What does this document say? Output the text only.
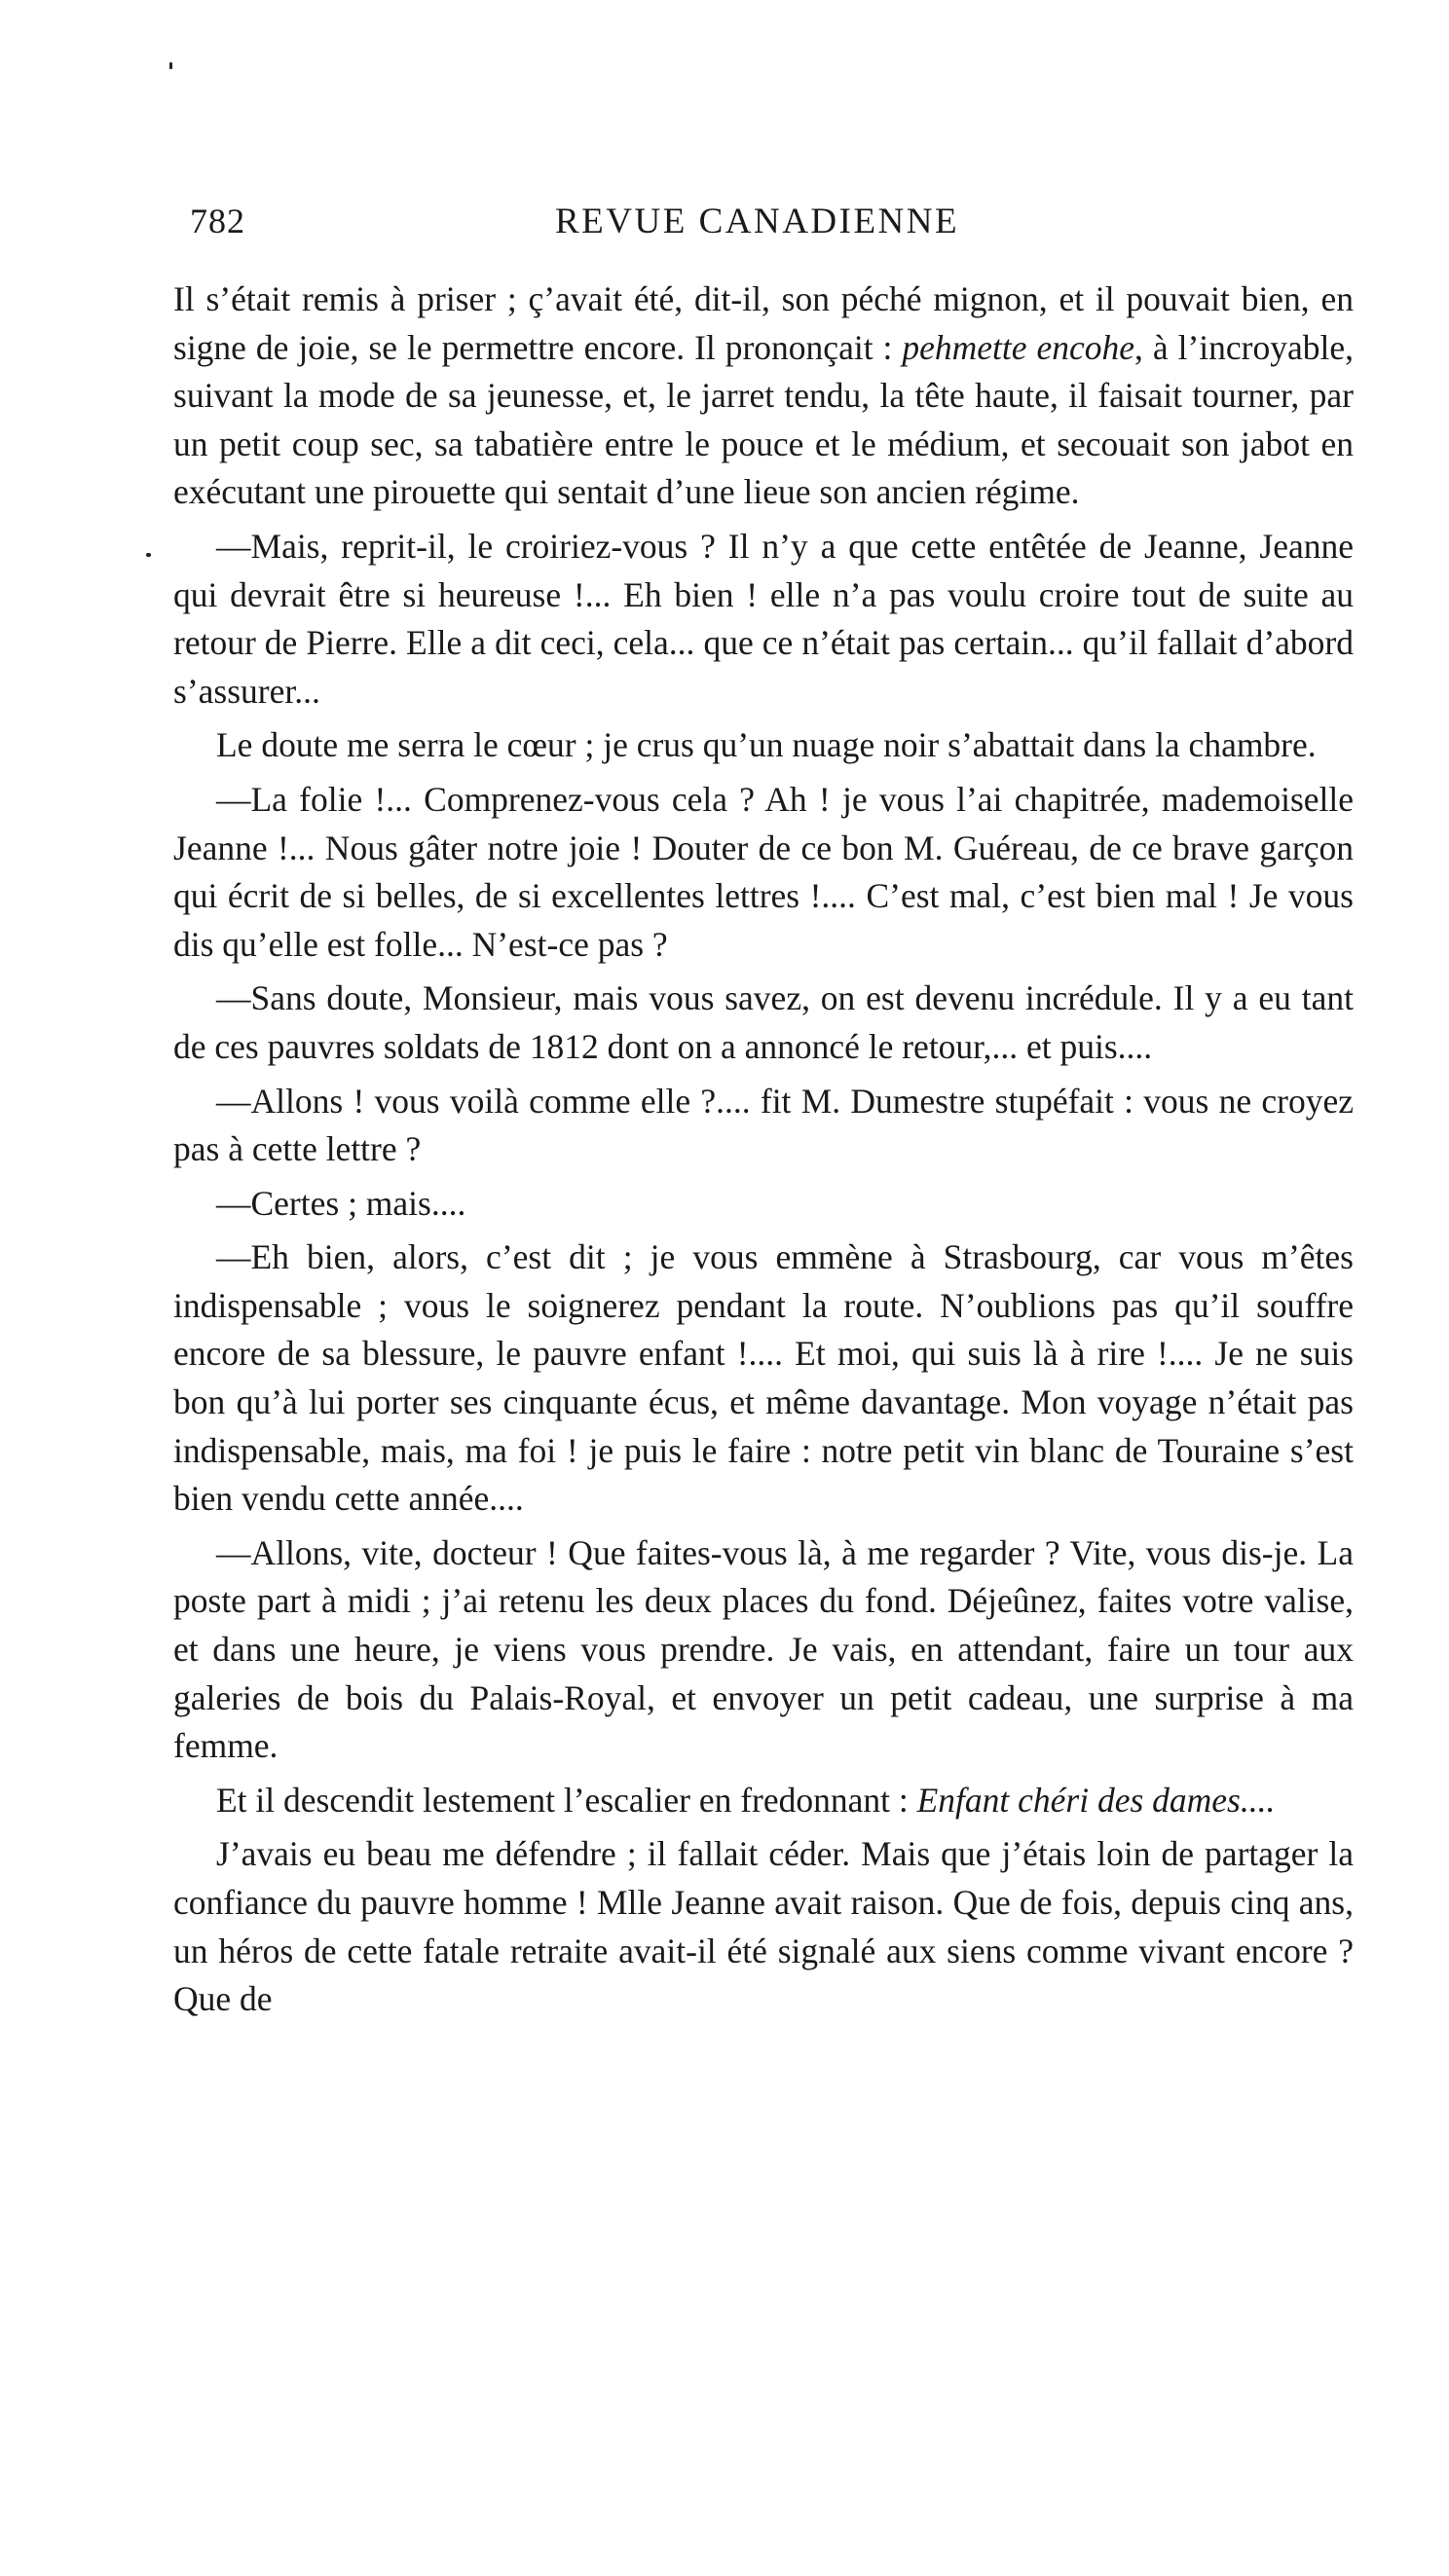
782	REVUE CANADIENNE

Il s’était remis à priser ; ç’avait été, dit-il, son péché mignon, et il pouvait bien, en signe de joie, se le permettre encore. Il prononçait : pehmette encohe, à l’incroyable, suivant la mode de sa jeunesse, et, le jarret tendu, la tête haute, il faisait tourner, par un petit coup sec, sa tabatière entre le pouce et le médium, et secouait son jabot en exécutant une pirouette qui sentait d’une lieue son ancien régime.

—Mais, reprit-il, le croiriez-vous ? Il n’y a que cette entêtée de Jeanne, Jeanne qui devrait être si heureuse !... Eh bien ! elle n’a pas voulu croire tout de suite au retour de Pierre. Elle a dit ceci, cela... que ce n’était pas certain... qu’il fallait d’abord s’assurer...

Le doute me serra le cœur ; je crus qu’un nuage noir s’abattait dans la chambre.

—La folie !... Comprenez-vous cela ? Ah ! je vous l’ai chapitrée, mademoiselle Jeanne !... Nous gâter notre joie ! Douter de ce bon M. Guéreau, de ce brave garçon qui écrit de si belles, de si excellentes lettres !.... C’est mal, c’est bien mal ! Je vous dis qu’elle est folle... N’est-ce pas ?

—Sans doute, Monsieur, mais vous savez, on est devenu incrédule. Il y a eu tant de ces pauvres soldats de 1812 dont on a annoncé le retour,... et puis....

—Allons ! vous voilà comme elle ?.... fit M. Dumestre stupéfait : vous ne croyez pas à cette lettre ?

—Certes ; mais....

—Eh bien, alors, c’est dit ; je vous emmène à Strasbourg, car vous m’êtes indispensable ; vous le soignerez pendant la route. N’oublions pas qu’il souffre encore de sa blessure, le pauvre enfant !.... Et moi, qui suis là à rire !.... Je ne suis bon qu’à lui porter ses cinquante écus, et même davantage. Mon voyage n’était pas indispensable, mais, ma foi ! je puis le faire : notre petit vin blanc de Touraine s’est bien vendu cette année....

—Allons, vite, docteur ! Que faites-vous là, à me regarder ? Vite, vous dis-je. La poste part à midi ; j’ai retenu les deux places du fond. Déjeûnez, faites votre valise, et dans une heure, je viens vous prendre. Je vais, en attendant, faire un tour aux galeries de bois du Palais-Royal, et envoyer un petit cadeau, une surprise à ma femme.

Et il descendit lestement l’escalier en fredonnant : Enfant chéri des dames....

J’avais eu beau me défendre ; il fallait céder. Mais que j’étais loin de partager la confiance du pauvre homme ! Mlle Jeanne avait raison. Que de fois, depuis cinq ans, un héros de cette fatale retraite avait-il été signalé aux siens comme vivant encore ? Que de
